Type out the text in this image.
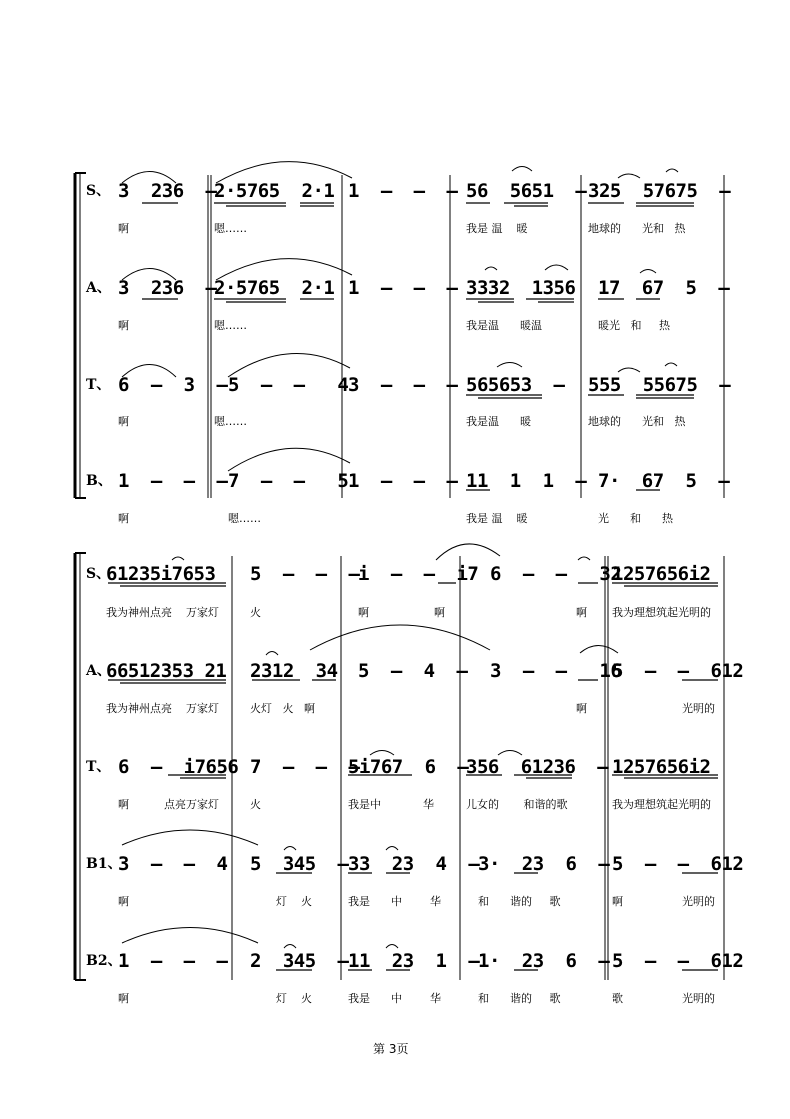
S、 3  236  –
2·5765  2·1 1  –  –  – 56  5651  – 325  57675  –
啊	嗯……	我是 温    暖	地球的      光和   热
A、 3  236  –
2·5765  2·1 1  –  –  – 3332  1356 17  67  5  –
啊	嗯……	我是温      暖温	暖光   和     热
T、 6  –  3  – 5  –  –   4 3  –  –  – 565653  – 555  55675  –
啊	嗯……	我是温      暖	地球的      光和   热
B、 1  –  –  – 7  –  –   5 1  –  –  – 11  1  1  – 7·  67  5  –
啊	嗯……	我是 温    暖	光      和      热
S、
61235i7653 5  –  –  –
i  –  –  i7 6  –  –   32
1257656i2
我为神州点亮    万家灯	火	啊	啊	啊 我为理想筑起光明的
A、
66512353 21 2312  34 5  –  4  – 3  –  –   16
5  –  –  612
我为神州点亮    万家灯	火灯   火   啊	啊	光明的
T、 6  –  i7656 7  –  –  –
5i767  6  –
356  61236  – 1257656i2
啊          点亮万家灯	火	我是中            华	儿女的       和谐的歌	我为理想筑起光明的
B1、
3  –  –  4 5  345  – 33  23  4  –
3·  23  6  – 5  –  –  612
啊	灯    火	我是      中        华	和      谐的     歌	啊	光明的
B2、
1  –  –  – 2  345  – 11  23  1  –
1·  23  6  – 5  –  –  612
啊	灯    火	我是      中        华	和      谐的     歌	歌	光明的
第 3页
